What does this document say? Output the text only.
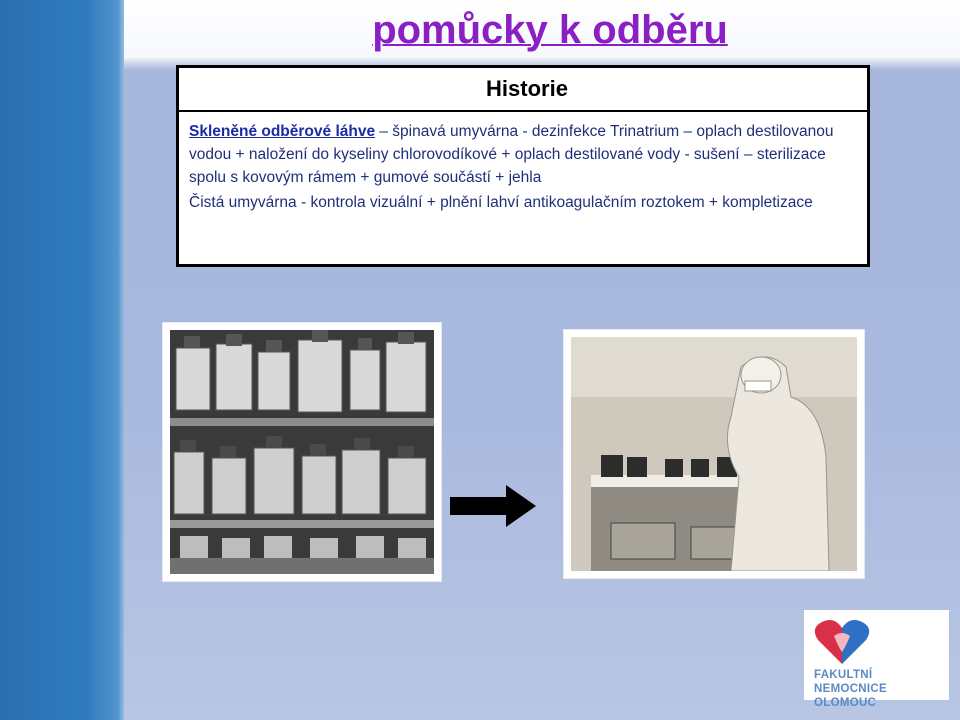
pomůcky k odběru
Historie

Skleněné odběrové láhve – špinavá umyvárna - dezinfekce Trinatrium – oplach destilovanou vodou + naložení do kyseliny chlorovodíkové + oplach destilované vody - sušení – sterilizace spolu s kovovým rámem + gumové součástí + jehla

Čistá umyvárna - kontrola vizuální + plnění lahví antikoagulačním roztokem + kompletizace

FAKULTNÍ NEMOCNICE
OLOMOUC
